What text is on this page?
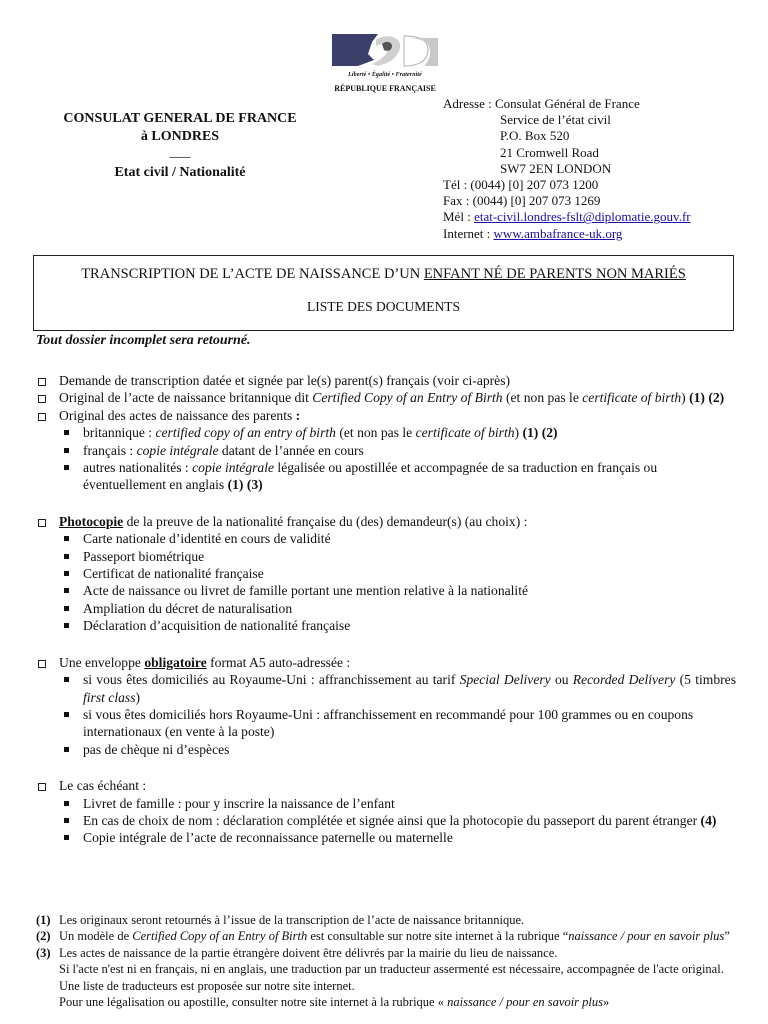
Liberté • Égalité • Fraternité
RÉPUBLIQUE FRANÇAISE
CONSULAT GENERAL DE FRANCE
à LONDRES
___
Etat civil / Nationalité
Adresse : Consulat Général de France
Service de l’état civil
P.O. Box 520
21 Cromwell Road
SW7 2EN LONDON
Tél : (0044) [0] 207 073 1200
Fax : (0044) [0] 207 073 1269
Mél : etat-civil.londres-fslt@diplomatie.gouv.fr
Internet : www.ambafrance-uk.org
TRANSCRIPTION DE L’ACTE DE NAISSANCE D’UN ENFANT NÉ DE PARENTS NON MARIÉS
LISTE DES DOCUMENTS
Tout dossier incomplet sera retourné.
Demande de transcription datée et signée par le(s) parent(s) français (voir ci-après)
Original de l’acte de naissance britannique dit Certified Copy of an Entry of Birth (et non pas le certificate of birth) (1) (2)
Original des actes de naissance des parents :
britannique : certified copy of an entry of birth (et non pas le certificate of birth) (1) (2)
français : copie intégrale datant de l’année en cours
autres nationalités : copie intégrale légalisée ou apostillée et accompagnée de sa traduction en français ou éventuellement en anglais (1) (3)
Photocopie de la preuve de la nationalité française du (des) demandeur(s) (au choix) :
Carte nationale d’identité en cours de validité
Passeport biométrique
Certificat de nationalité française
Acte de naissance ou livret de famille portant une mention relative à la nationalité
Ampliation du décret de naturalisation
Déclaration d’acquisition de nationalité française
Une enveloppe obligatoire format A5 auto-adressée :
si vous êtes domiciliés au Royaume-Uni : affranchissement au tarif Special Delivery ou Recorded Delivery (5 timbres first class)
si vous êtes domiciliés hors Royaume-Uni : affranchissement en recommandé pour 100 grammes ou en coupons internationaux (en vente à la poste)
pas de chèque ni d’espèces
Le cas échéant :
Livret de famille : pour y inscrire la naissance de l’enfant
En cas de choix de nom : déclaration complétée et signée ainsi que la photocopie du passeport du parent étranger (4)
Copie intégrale de l’acte de reconnaissance paternelle ou maternelle
(1) Les originaux seront retournés à l’issue de la transcription de l’acte de naissance britannique.
(2) Un modèle de Certified Copy of an Entry of Birth est consultable sur notre site internet à la rubrique “naissance / pour en savoir plus”
(3) Les actes de naissance de la partie étrangère doivent être délivrés par la mairie du lieu de naissance.
Si l'acte n'est ni en français, ni en anglais, une traduction par un traducteur assermenté est nécessaire, accompagnée de l'acte original. Une liste de traducteurs est proposée sur notre site internet.
Pour une légalisation ou apostille, consulter notre site internet à la rubrique « naissance / pour en savoir plus»
